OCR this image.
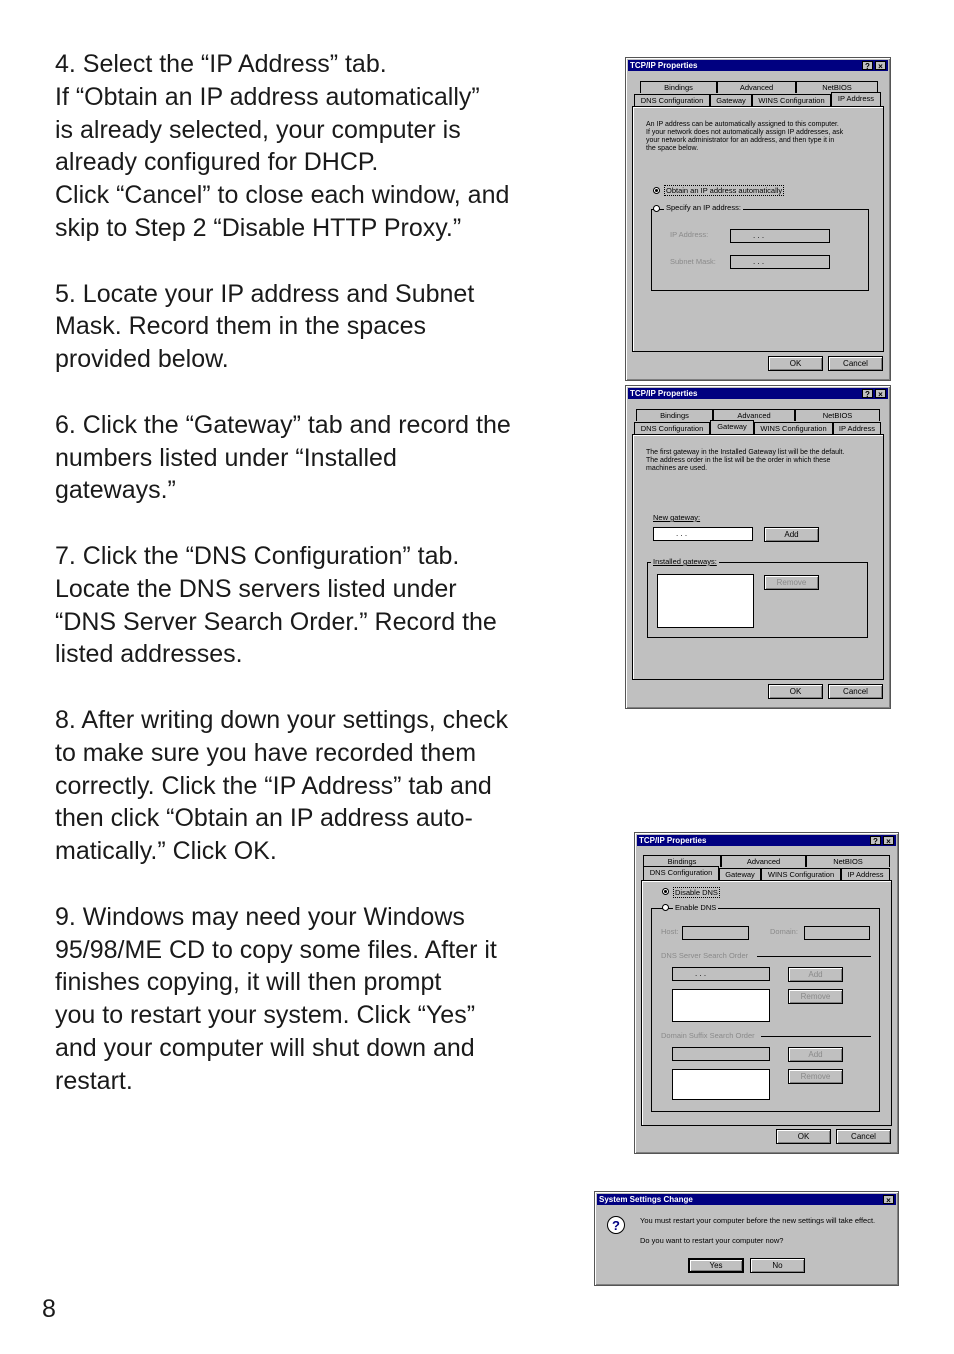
4. Select the “IP Address” tab.
If “Obtain an IP address automatically”
is already selected, your computer is
already configured for DHCP.
Click “Cancel” to close each window, and
skip to Step 2 “Disable HTTP Proxy.”
5. Locate your IP address and Subnet
Mask. Record them in the spaces
provided below.
6. Click the “Gateway” tab and record the
numbers listed under “Installed
gateways.”
7. Click the “DNS Configuration” tab.
Locate the DNS servers listed under
“DNS Server Search Order.” Record the
listed addresses.
8. After writing down your settings, check
to make sure you have recorded them
correctly. Click the “IP Address” tab and
then click “Obtain an IP address auto-
matically.” Click OK.
9. Windows may need your Windows
95/98/ME CD to copy some files. After it
finishes copying, it will then prompt
you to restart your system. Click “Yes”
and your computer will shut down and
restart.
8
TCP/IP Properties	?	×
Bindings	Advanced	NetBIOS
DNS Configuration	Gateway	WINS Configuration	IP Address
An IP address can be automatically assigned to this computer.
If your network does not automatically assign IP addresses, ask
your network administrator for an address, and then type it in
the space below.
Obtain an IP address automatically
Specify an IP address:
IP Address:	. . .
Subnet Mask:	. . .
OK	Cancel
TCP/IP Properties	?	×
Bindings	Advanced	NetBIOS
DNS Configuration	Gateway	WINS Configuration	IP Address
The first gateway in the Installed Gateway list will be the default.
The address order in the list will be the order in which these
machines are used.
New gateway:
. . .	Add
Installed gateways:
Remove
OK	Cancel
TCP/IP Properties	?	×
Bindings	Advanced	NetBIOS
DNS Configuration	Gateway	WINS Configuration	IP Address
Disable DNS
Enable DNS
Host:	Domain:
DNS Server Search Order
. . .	Add
Remove
Domain Suffix Search Order
Add
Remove
OK	Cancel
System Settings Change	×
?	You must restart your computer before the new settings will take effect.
Do you want to restart your computer now?
Yes	No
